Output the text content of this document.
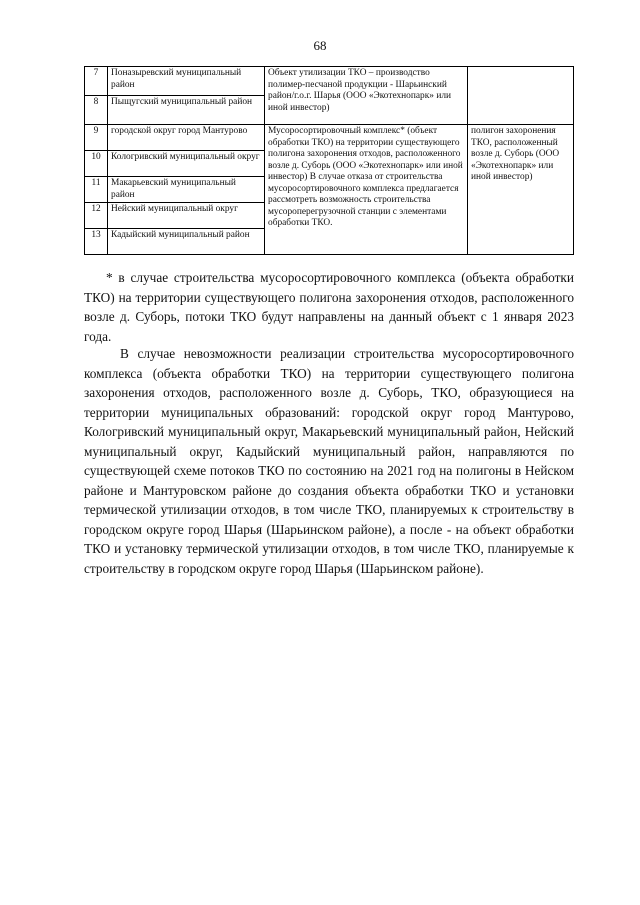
68
7	Поназыревский муниципальный район	Объект утилизации ТКО – производство полимер-песчаной продукции - Шарьинский район/г.о.г. Шарья (ООО «Экотехнопарк» или иной инвестор)	
8	Пыщугский муниципальный район		
9	городской округ город Мантурово	Мусоросортировочный комплекс* (объект обработки ТКО) на территории существующего полигона захоронения отходов, расположенного возле д. Суборь (ООО «Экотехнопарк» или иной инвестор) В случае отказа от строительства мусоросортировочного комплекса предлагается рассмотреть возможность строительства мусороперегрузочной станции с элементами обработки ТКО.	полигон захоронения ТКО, расположенный возле д. Суборь (ООО «Экотехнопарк» или иной инвестор)
10	Кологривский муниципальный округ		
11	Макарьевский муниципальный район		
12	Нейский муниципальный округ		
13	Кадыйский муниципальный район		

* в случае строительства мусоросортировочного комплекса (объекта обработки ТКО) на территории существующего полигона захоронения отходов, расположенного возле д. Суборь, потоки ТКО будут направлены на данный объект с 1 января 2023 года.

В случае невозможности реализации строительства мусоросортировочного комплекса (объекта обработки ТКО) на территории существующего полигона захоронения отходов, расположенного возле д. Суборь, ТКО, образующиеся на территории муниципальных образований: городской округ город Мантурово, Кологривский муниципальный округ, Макарьевский муниципальный район, Нейский муниципальный округ, Кадыйский муниципальный район, направляются по существующей схеме потоков ТКО по состоянию на 2021 год на полигоны в Нейском районе и Мантуровском районе до создания объекта обработки ТКО и установки термической утилизации отходов, в том числе ТКО, планируемых к строительству в городском округе город Шарья (Шарьинском районе), а после - на объект обработки ТКО и установку термической утилизации отходов, в том числе ТКО, планируемые к строительству в городском округе город Шарья (Шарьинском районе).
